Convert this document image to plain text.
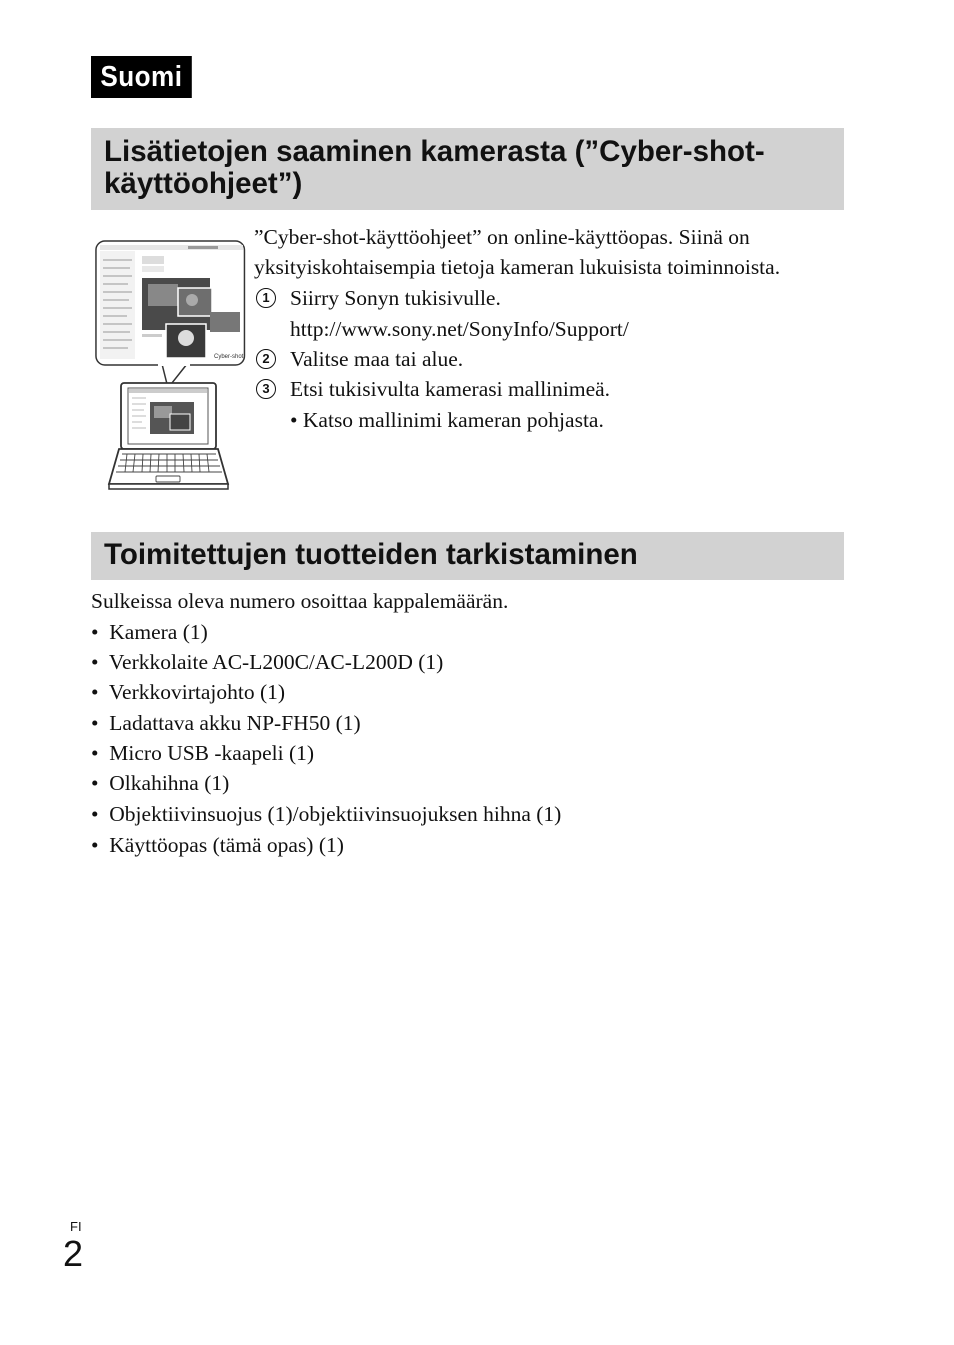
Suomi
Lisätietojen saaminen kamerasta (”Cyber-shot-
käyttöohjeet”)
Cyber-shot
”Cyber-shot-käyttöohjeet” on online-käyttöopas. Siinä on
yksityiskohtaisempia tietoja kameran lukuisista toiminnoista.
1 Siirry Sonyn tukisivulle.
http://www.sony.net/SonyInfo/Support/
2 Valitse maa tai alue.
3 Etsi tukisivulta kamerasi mallinimeä.
• Katso mallinimi kameran pohjasta.
Toimitettujen tuotteiden tarkistaminen
Sulkeissa oleva numero osoittaa kappalemäärän.
•  Kamera (1)
•  Verkkolaite AC-L200C/AC-L200D (1)
•  Verkkovirtajohto (1)
•  Ladattava akku NP-FH50 (1)
•  Micro USB -kaapeli (1)
•  Olkahihna (1)
•  Objektiivinsuojus (1)/objektiivinsuojuksen hihna (1)
•  Käyttöopas (tämä opas) (1)
FI
2
